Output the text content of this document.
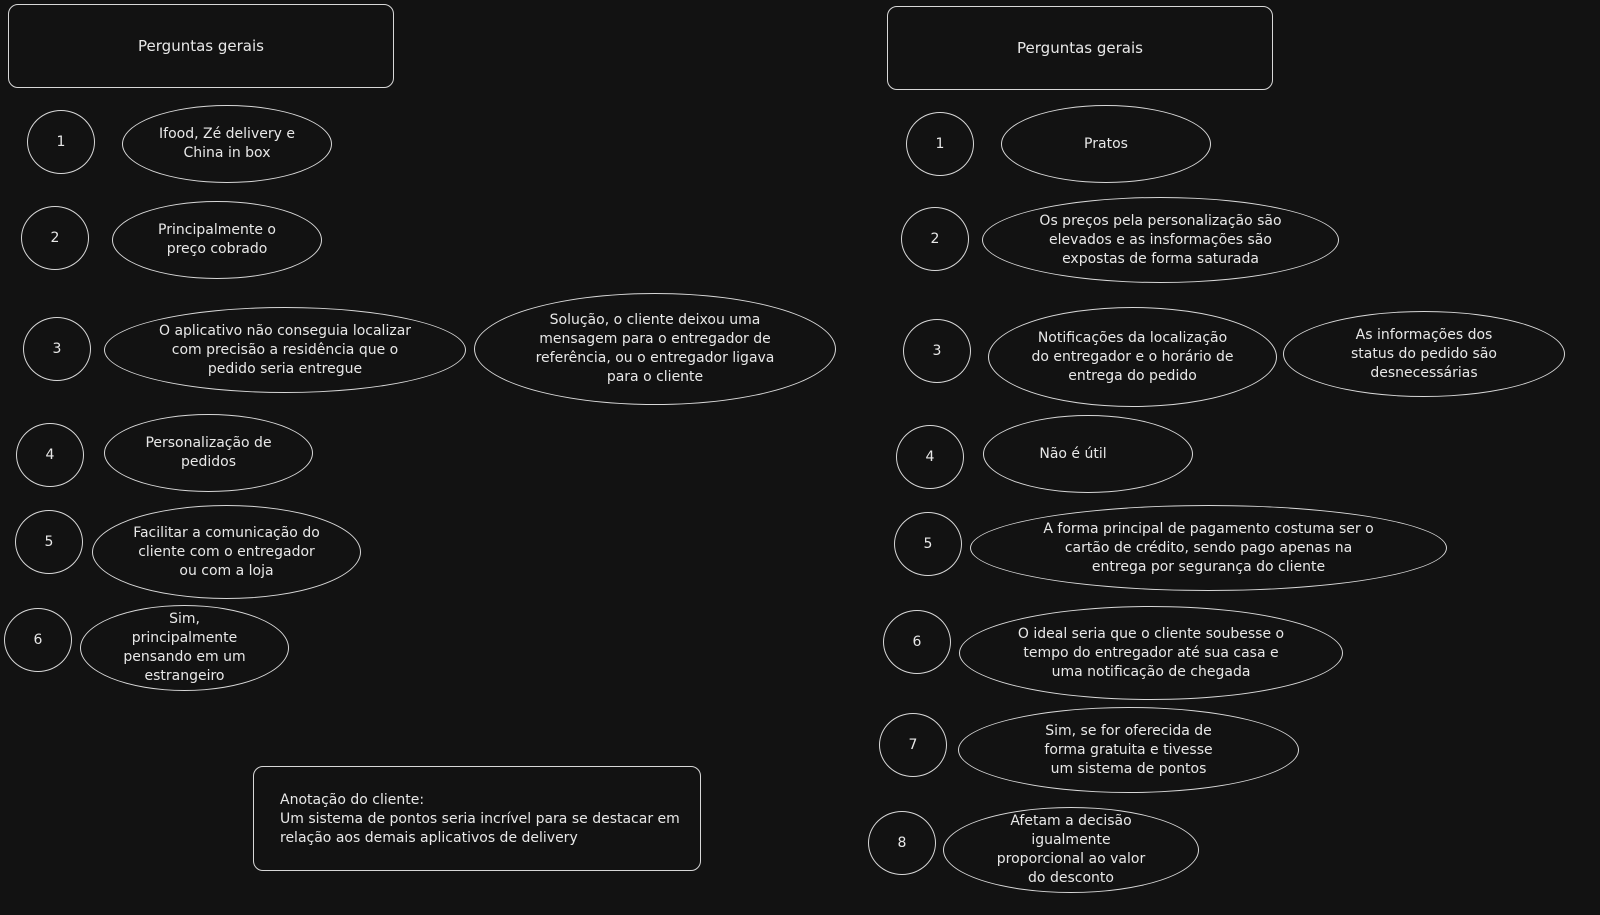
Perguntas gerais
1	Ifood, Zé delivery e China in box
2	Principalmente o preço cobrado
3
O aplicativo não conseguia localizar com precisão a residência que o pedido seria entregue
Solução, o cliente deixou uma mensagem para o entregador de referência, ou o entregador ligava para o cliente
4
Personalização de pedidos
5
Facilitar a comunicação do cliente com o entregador ou com a loja
6
Sim, principalmente pensando em um estrangeiro
Anotação do cliente:
Um sistema de pontos seria incrível para se destacar em
relação aos demais aplicativos de delivery
Perguntas gerais
1	Pratos
2
Os preços pela personalização são elevados e as insformações são expostas de forma saturada
3
Notificações da localização do entregador e o horário de entrega do pedido
As informações dos status do pedido são desnecessárias
4	Não é útil
5
A forma principal de pagamento costuma ser o cartão de crédito, sendo pago apenas na entrega por segurança do cliente
6
O ideal seria que o cliente soubesse o tempo do entregador até sua casa e uma notificação de chegada
7
Sim, se for oferecida de forma gratuita e tivesse um sistema de pontos
8
Afetam a decisão igualmente proporcional ao valor do desconto
